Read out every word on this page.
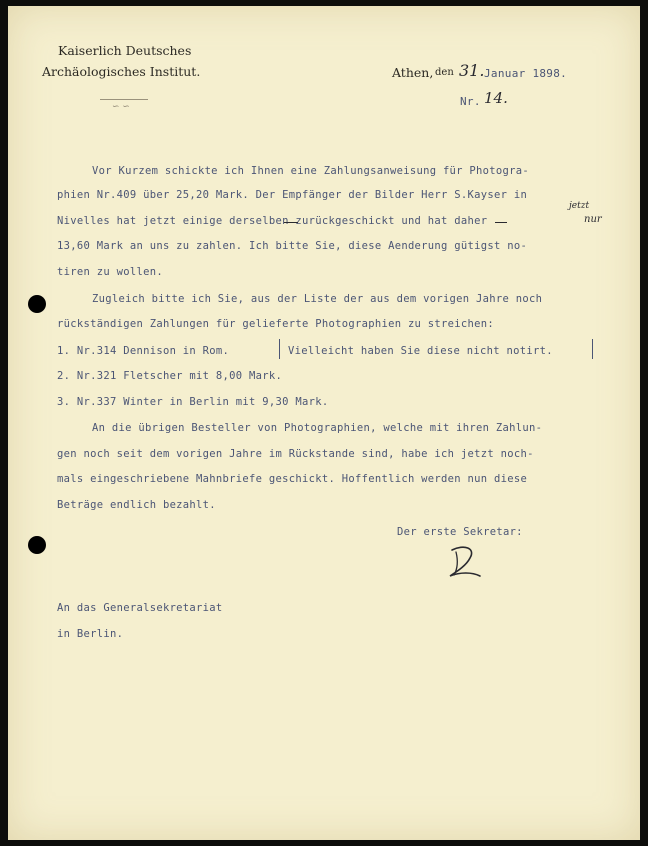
Kaiserlich Deutsches
Archäologisches Institut.
∽ ∽
Athen, den 31. Januar 1898.
Nr. 14.
Vor Kurzem schickte ich Ihnen eine Zahlungsanweisung für Photogra-
phien Nr.409 über 25,20 Mark. Der Empfänger der Bilder Herr S.Kayser in
Nivelles hat jetzt einige derselben zurückgeschickt und hat daher
jetzt
nur
13,60 Mark an uns zu zahlen. Ich bitte Sie, diese Aenderung gütigst no-
tiren zu wollen.
Zugleich bitte ich Sie, aus der Liste der aus dem vorigen Jahre noch
rückständigen Zahlungen für gelieferte Photographien zu streichen:
1. Nr.314 Dennison in Rom.	Vielleicht haben Sie diese nicht notirt.
2. Nr.321 Fletscher mit 8,00 Mark.
3. Nr.337 Winter in Berlin mit 9,30 Mark.
An die übrigen Besteller von Photographien, welche mit ihren Zahlun-
gen noch seit dem vorigen Jahre im Rückstande sind, habe ich jetzt noch-
mals eingeschriebene Mahnbriefe geschickt. Hoffentlich werden nun diese
Beträge endlich bezahlt.
Der erste Sekretar:
An das Generalsekretariat
in Berlin.
